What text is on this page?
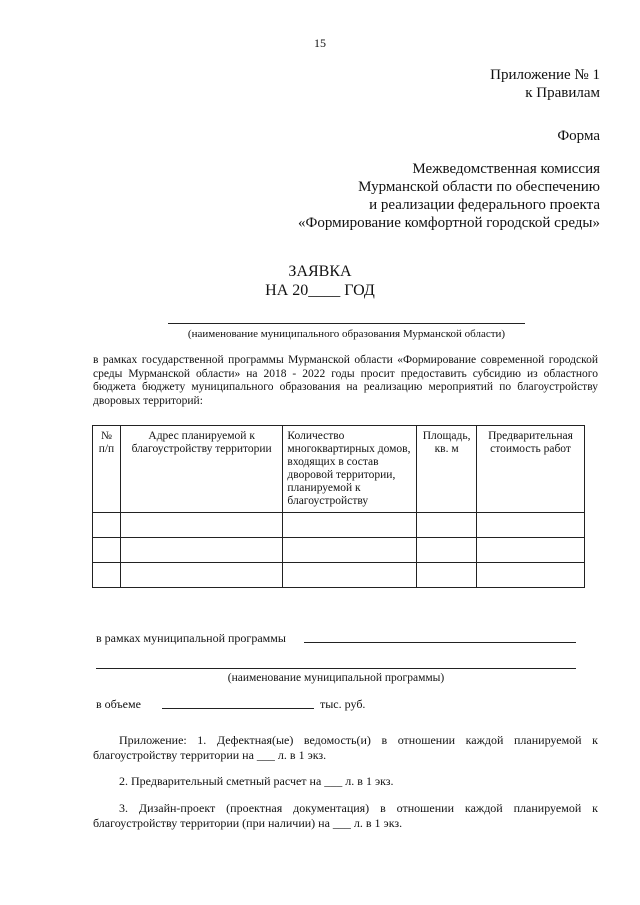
15
Приложение № 1
к Правилам
Форма
Межведомственная комиссия
Мурманской области по обеспечению
и реализации федерального проекта
«Формирование комфортной городской среды»
ЗАЯВКА
НА 20____ ГОД
(наименование муниципального образования Мурманской области)
в рамках государственной программы Мурманской области «Формирование современной городской среды Мурманской области» на 2018 - 2022 годы просит предоставить субсидию из областного бюджета бюджету муниципального образования на реализацию мероприятий по благоустройству дворовых территорий:
№ п/п	Адрес планируемой к благоустройству территории	Количество многоквартирных домов, входящих в состав дворовой территории, планируемой к благоустройству	Площадь, кв. м	Предварительная стоимость работ

в рамках муниципальной программы
(наименование муниципальной программы)
в объеме	тыс. руб.
Приложение: 1. Дефектная(ые) ведомость(и) в отношении каждой планируемой к благоустройству территории на ___ л. в 1 экз.
2. Предварительный сметный расчет на ___ л. в 1 экз.
3. Дизайн-проект (проектная документация) в отношении каждой планируемой к благоустройству территории (при наличии) на ___ л. в 1 экз.
